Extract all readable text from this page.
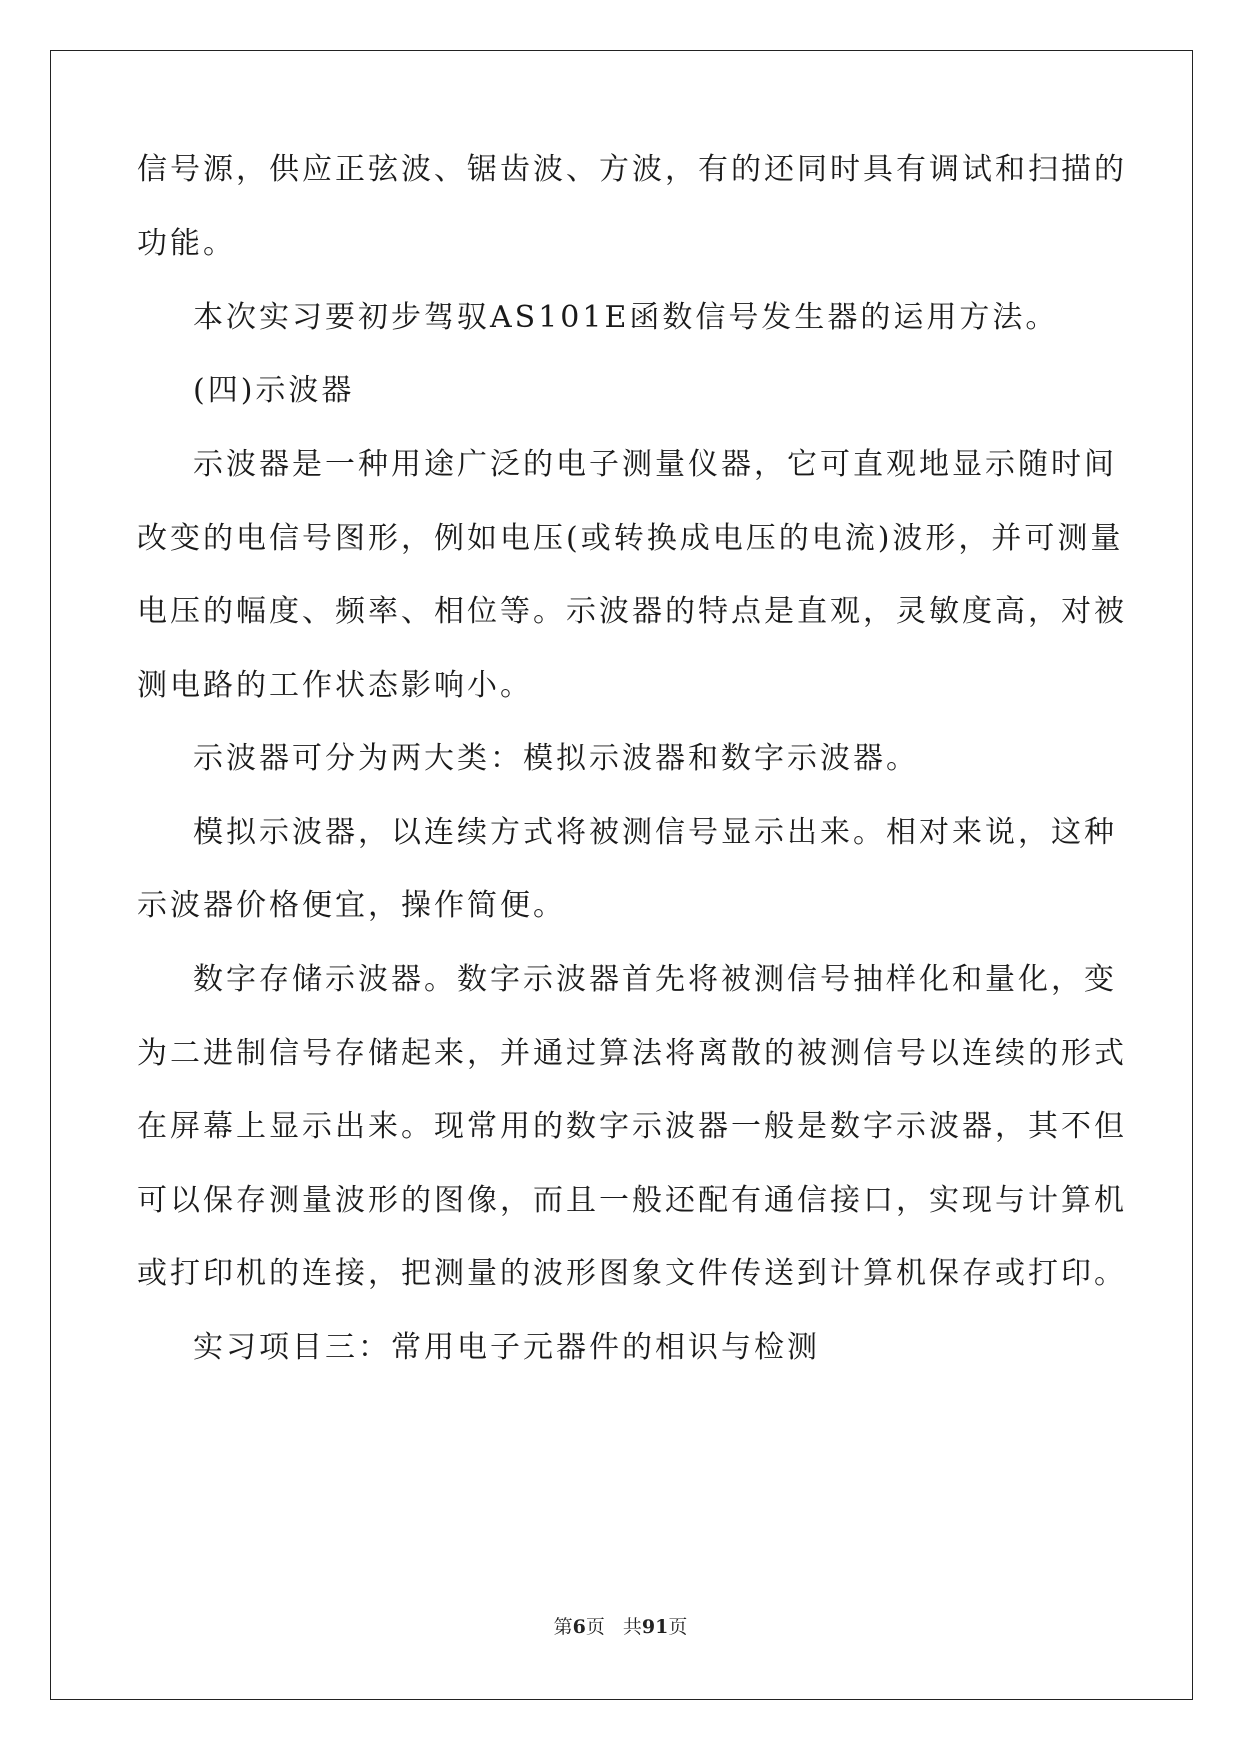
信号源，供应正弦波、锯齿波、方波，有的还同时具有调试和扫描的
功能。
本次实习要初步驾驭AS101E函数信号发生器的运用方法。
(四)示波器
示波器是一种用途广泛的电子测量仪器，它可直观地显示随时间
改变的电信号图形，例如电压(或转换成电压的电流)波形，并可测量
电压的幅度、频率、相位等。示波器的特点是直观，灵敏度高，对被
测电路的工作状态影响小。
示波器可分为两大类：模拟示波器和数字示波器。
模拟示波器，以连续方式将被测信号显示出来。相对来说，这种
示波器价格便宜，操作简便。
数字存储示波器。数字示波器首先将被测信号抽样化和量化，变
为二进制信号存储起来，并通过算法将离散的被测信号以连续的形式
在屏幕上显示出来。现常用的数字示波器一般是数字示波器，其不但
可以保存测量波形的图像，而且一般还配有通信接口，实现与计算机
或打印机的连接，把测量的波形图象文件传送到计算机保存或打印。
实习项目三：常用电子元器件的相识与检测
第6页 共91页
